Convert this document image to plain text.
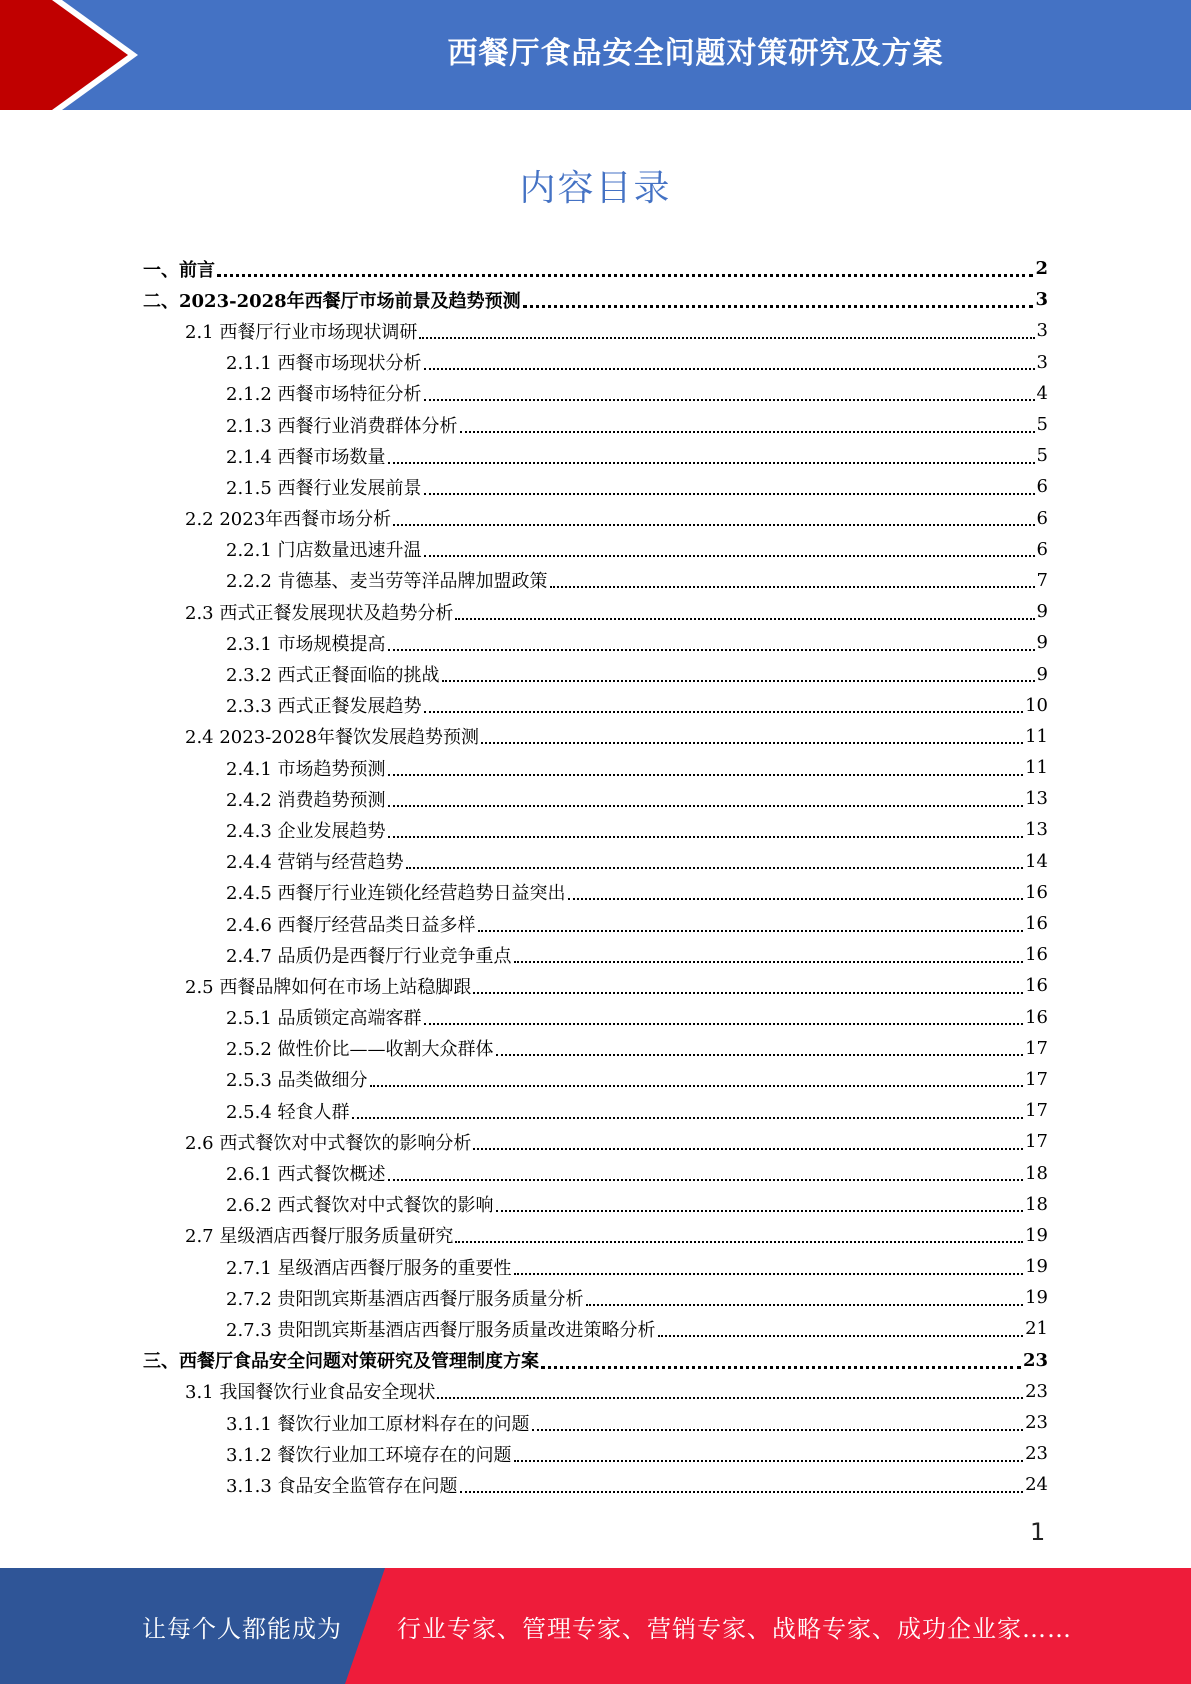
西餐厅食品安全问题对策研究及方案
内容目录
一、前言	2
二、2023-2028年西餐厅市场前景及趋势预测	3
2.1 西餐厅行业市场现状调研	3
2.1.1 西餐市场现状分析	3
2.1.2 西餐市场特征分析	4
2.1.3 西餐行业消费群体分析	5
2.1.4 西餐市场数量	5
2.1.5 西餐行业发展前景	6
2.2 2023年西餐市场分析	6
2.2.1 门店数量迅速升温	6
2.2.2 肯德基、麦当劳等洋品牌加盟政策	7
2.3 西式正餐发展现状及趋势分析	9
2.3.1 市场规模提高	9
2.3.2 西式正餐面临的挑战	9
2.3.3 西式正餐发展趋势	10
2.4 2023-2028年餐饮发展趋势预测	11
2.4.1 市场趋势预测	11
2.4.2 消费趋势预测	13
2.4.3 企业发展趋势	13
2.4.4 营销与经营趋势	14
2.4.5 西餐厅行业连锁化经营趋势日益突出	16
2.4.6 西餐厅经营品类日益多样	16
2.4.7 品质仍是西餐厅行业竞争重点	16
2.5 西餐品牌如何在市场上站稳脚跟	16
2.5.1 品质锁定高端客群	16
2.5.2 做性价比——收割大众群体	17
2.5.3 品类做细分	17
2.5.4 轻食人群	17
2.6 西式餐饮对中式餐饮的影响分析	17
2.6.1 西式餐饮概述	18
2.6.2 西式餐饮对中式餐饮的影响	18
2.7 星级酒店西餐厅服务质量研究	19
2.7.1 星级酒店西餐厅服务的重要性	19
2.7.2 贵阳凯宾斯基酒店西餐厅服务质量分析	19
2.7.3 贵阳凯宾斯基酒店西餐厅服务质量改进策略分析	21
三、西餐厅食品安全问题对策研究及管理制度方案	23
3.1 我国餐饮行业食品安全现状	23
3.1.1 餐饮行业加工原材料存在的问题	23
3.1.2 餐饮行业加工环境存在的问题	23
3.1.3 食品安全监管存在问题	24
1
让每个人都能成为 行业专家、管理专家、营销专家、战略专家、成功企业家……
